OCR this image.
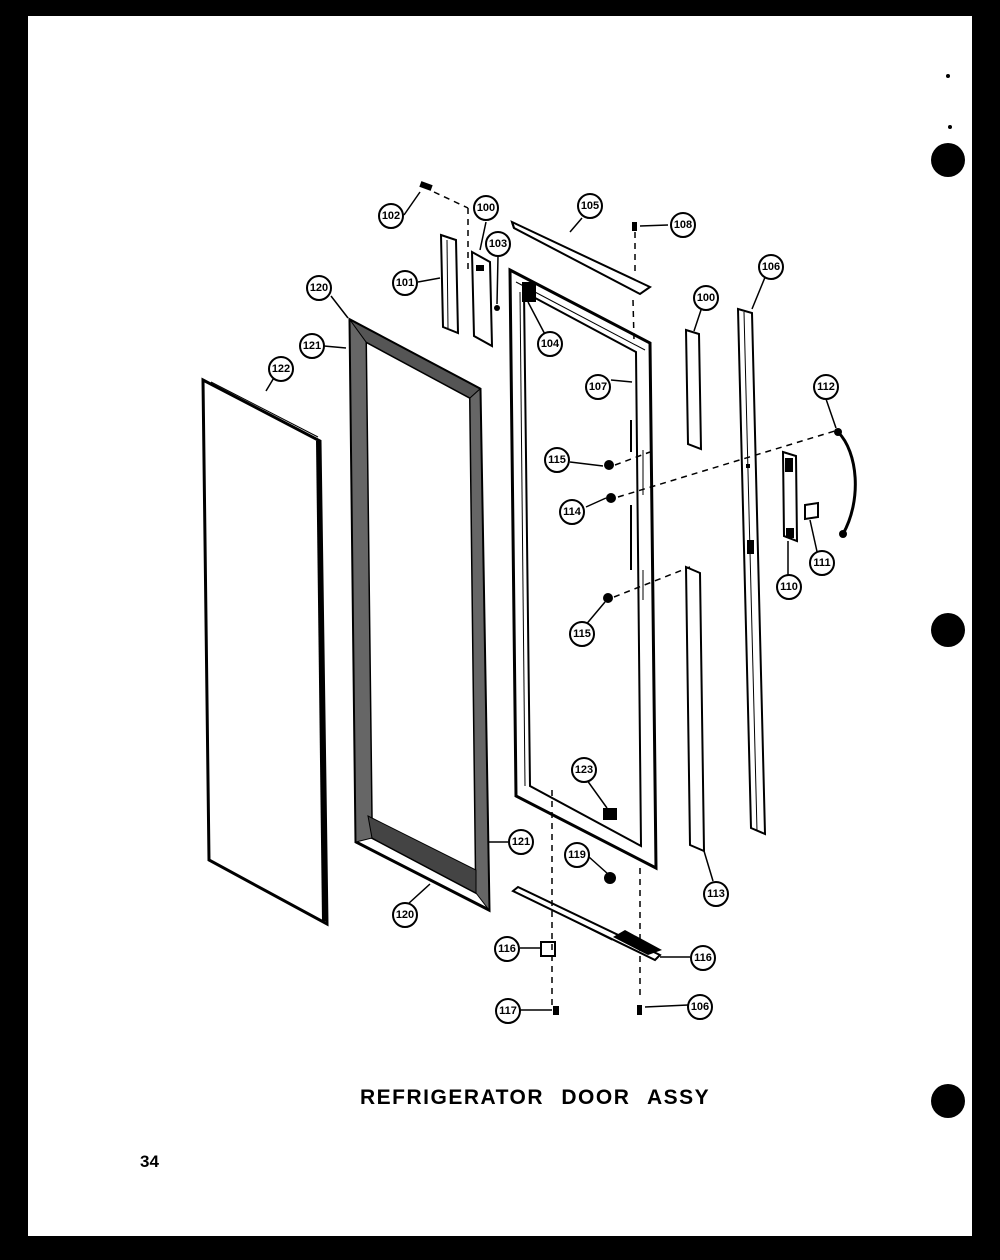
102
100
101
103
105
108
106
120
121
122
104
107
100
112
115
114
111
110
115
123
121
119
120
113
116
116
117	106
REFRIGERATOR DOOR ASSY
34
